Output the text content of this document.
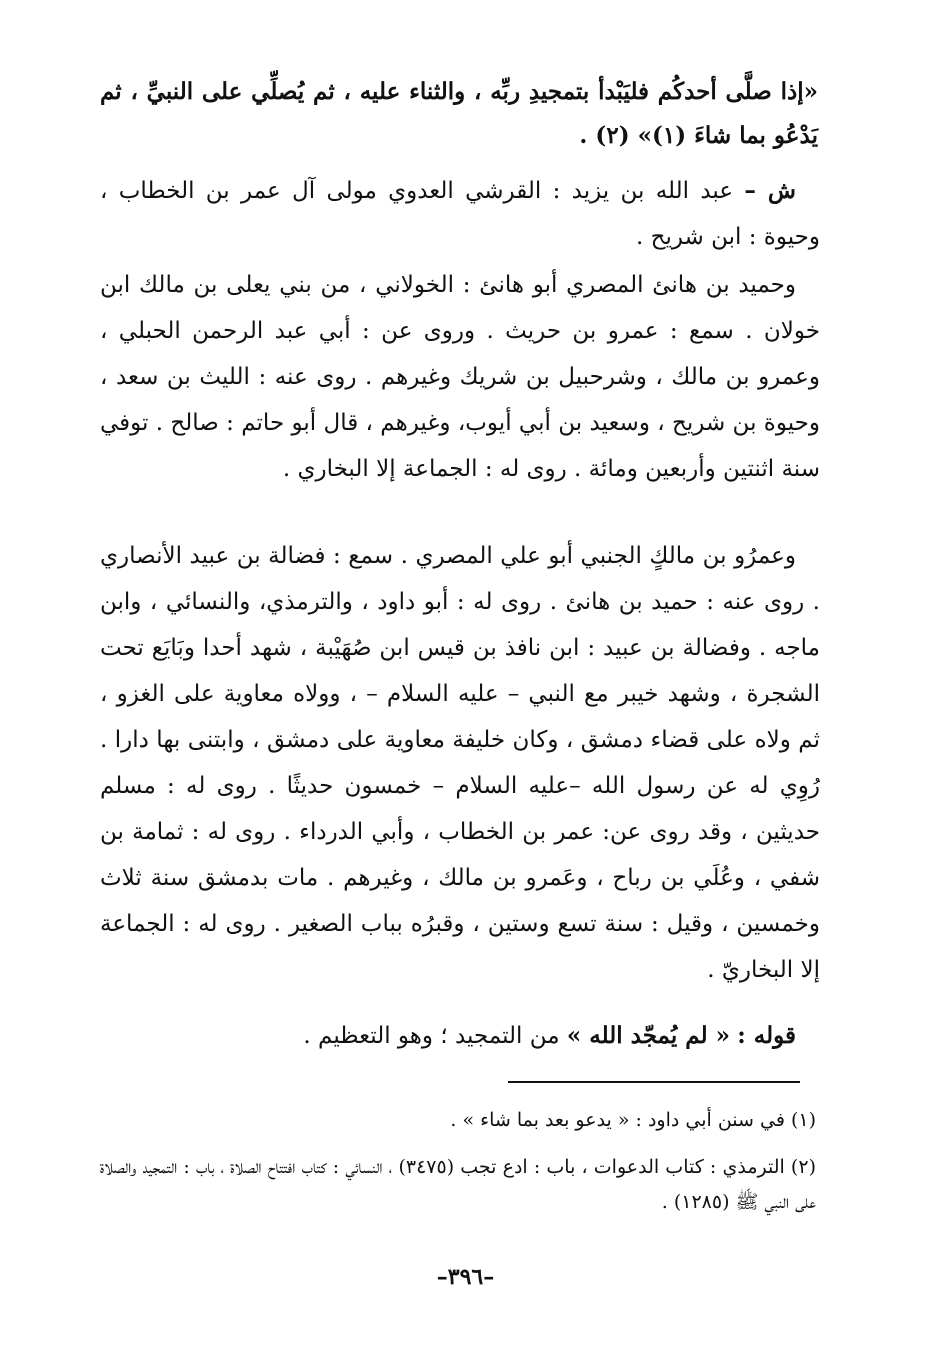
«إذا صلَّى أحدكُم فليَبْدأ بتمجيدِ ربِّه ، والثناء عليه ، ثم يُصلِّي على النبيِّ ، ثم يَدْعُو بما شاءَ (١)» (٢) .

ش – عبد الله بن يزيد : القرشي العدوي مولى آل عمر بن الخطاب ، وحيوة : ابن شريح .

وحميد بن هانئ المصري أبو هانئ : الخولاني ، من بني يعلى بن مالك ابن خولان . سمع : عمرو بن حريث . وروى عن : أبي عبد الرحمن الحبلي ، وعمرو بن مالك ، وشرحبيل بن شريك وغيرهم . روى عنه : الليث بن سعد ، وحيوة بن شريح ، وسعيد بن أبي أيوب، وغيرهم ، قال أبو حاتم : صالح . توفي سنة اثنتين وأربعين ومائة . روى له : الجماعة إلا البخاري .

وعمرُو بن مالكٍ الجنبي أبو علي المصري . سمع : فضالة بن عبيد الأنصاري . روى عنه : حميد بن هانئ . روى له : أبو داود ، والترمذي، والنسائي ، وابن ماجه . وفضالة بن عبيد : ابن نافذ بن قيس ابن صُهَيْبة ، شهد أحدا وبَايَع تحت الشجرة ، وشهد خيبر مع النبي – عليه السلام – ، وولاه معاوية على الغزو ، ثم ولاه على قضاء دمشق ، وكان خليفة معاوية على دمشق ، وابتنى بها دارا . رُوِي له عن رسول الله –عليه السلام – خمسون حديثًا . روى له : مسلم حديثين ، وقد روى عن: عمر بن الخطاب ، وأبي الدرداء . روى له : ثمامة بن شفي ، وعُلَي بن رباح ، وعَمرو بن مالك ، وغيرهم . مات بدمشق سنة ثلاث وخمسين ، وقيل : سنة تسع وستين ، وقبرُه بباب الصغير . روى له : الجماعة إلا البخاريّ .

قوله : « لم يُمجّد الله » من التمجيد ؛ وهو التعظيم .

(١) في سنن أبي داود : « يدعو بعد بما شاء » .

(٢) الترمذي : كتاب الدعوات ، باب : ادع تجب (٣٤٧٥) ، النسائي : كتاب افتتاح الصلاة ، باب : التمجيد والصلاة على النبي ﷺ (١٢٨٥) .

–٣٩٦–
